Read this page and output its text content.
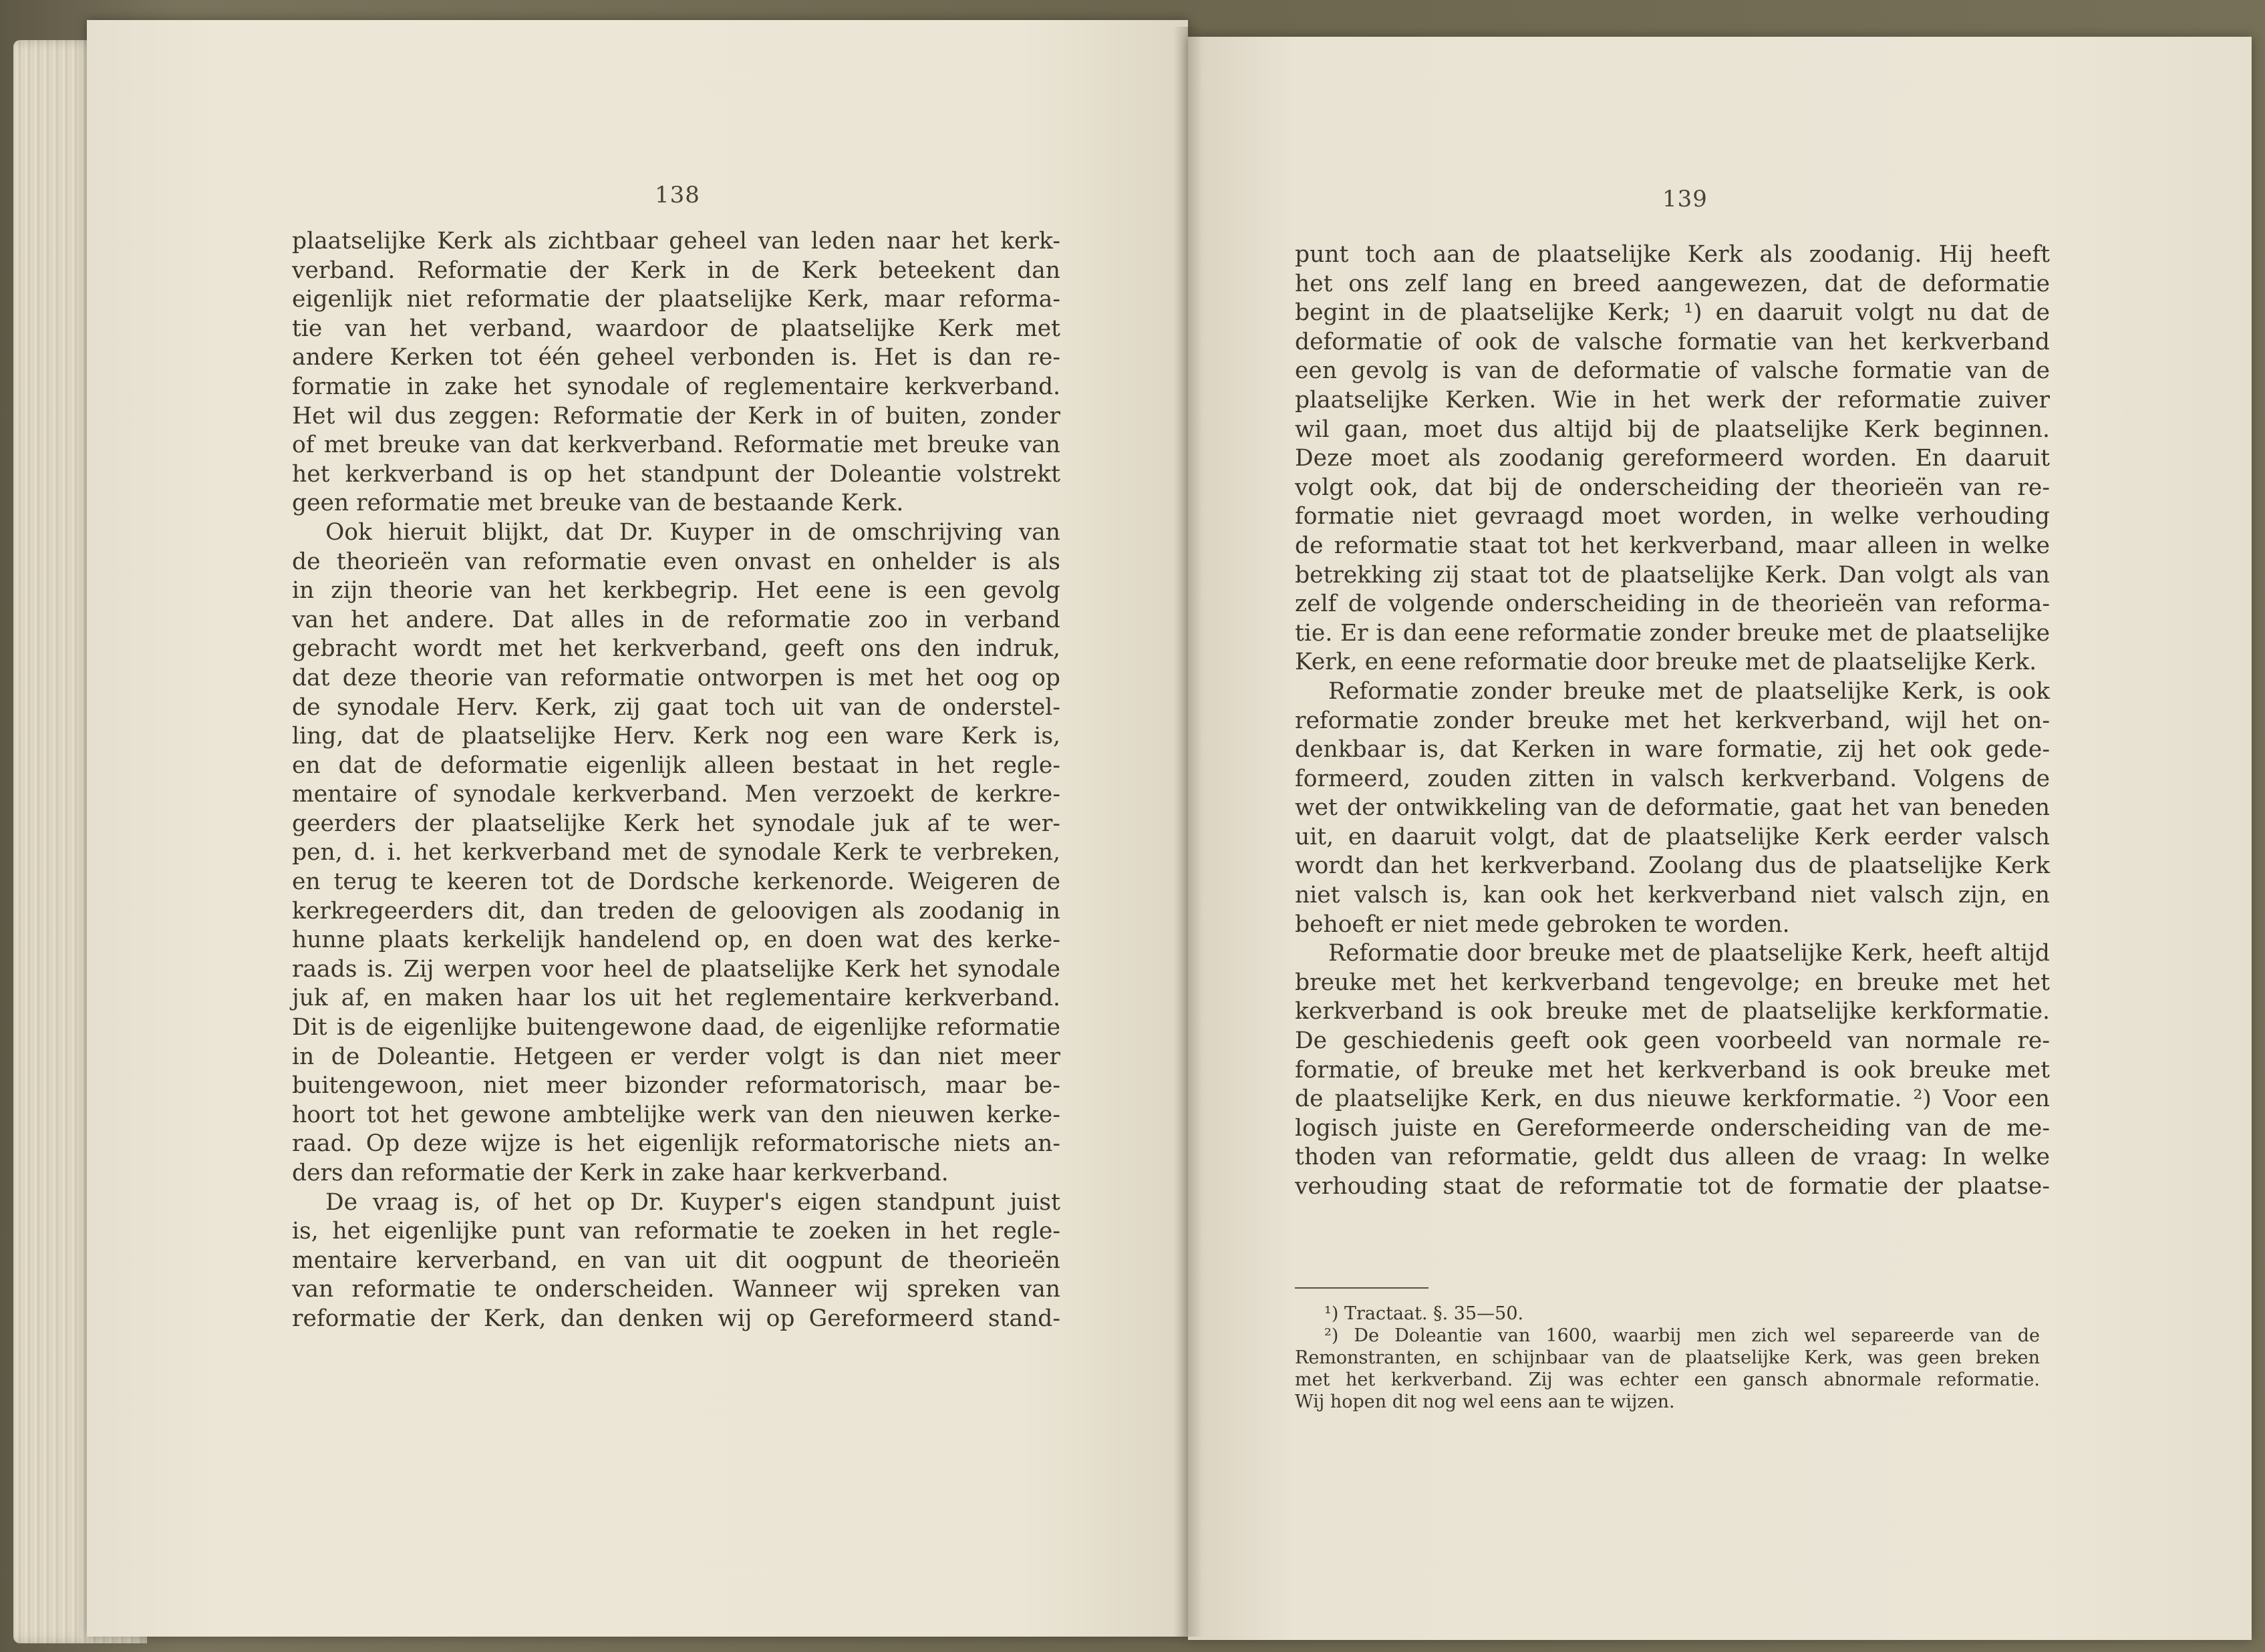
138
plaatselijke Kerk als zichtbaar geheel van leden naar het kerk-
verband. Reformatie der Kerk in de Kerk beteekent dan
eigenlijk niet reformatie der plaatselijke Kerk, maar reforma-
tie van het verband, waardoor de plaatselijke Kerk met
andere Kerken tot één geheel verbonden is. Het is dan re-
formatie in zake het synodale of reglementaire kerkverband.
Het wil dus zeggen: Reformatie der Kerk in of buiten, zonder
of met breuke van dat kerkverband. Reformatie met breuke van
het kerkverband is op het standpunt der Doleantie volstrekt
geen reformatie met breuke van de bestaande Kerk.
Ook hieruit blijkt, dat Dr. Kuyper in de omschrijving van
de theorieën van reformatie even onvast en onhelder is als
in zijn theorie van het kerkbegrip. Het eene is een gevolg
van het andere. Dat alles in de reformatie zoo in verband
gebracht wordt met het kerkverband, geeft ons den indruk,
dat deze theorie van reformatie ontworpen is met het oog op
de synodale Herv. Kerk, zij gaat toch uit van de onderstel-
ling, dat de plaatselijke Herv. Kerk nog een ware Kerk is,
en dat de deformatie eigenlijk alleen bestaat in het regle-
mentaire of synodale kerkverband. Men verzoekt de kerkre-
geerders der plaatselijke Kerk het synodale juk af te wer-
pen, d. i. het kerkverband met de synodale Kerk te verbreken,
en terug te keeren tot de Dordsche kerkenorde. Weigeren de
kerkregeerders dit, dan treden de geloovigen als zoodanig in
hunne plaats kerkelijk handelend op, en doen wat des kerke-
raads is. Zij werpen voor heel de plaatselijke Kerk het synodale
juk af, en maken haar los uit het reglementaire kerkverband.
Dit is de eigenlijke buitengewone daad, de eigenlijke reformatie
in de Doleantie. Hetgeen er verder volgt is dan niet meer
buitengewoon, niet meer bizonder reformatorisch, maar be-
hoort tot het gewone ambtelijke werk van den nieuwen kerke-
raad. Op deze wijze is het eigenlijk reformatorische niets an-
ders dan reformatie der Kerk in zake haar kerkverband.
De vraag is, of het op Dr. Kuyper's eigen standpunt juist
is, het eigenlijke punt van reformatie te zoeken in het regle-
mentaire kerverband, en van uit dit oogpunt de theorieën
van reformatie te onderscheiden. Wanneer wij spreken van
reformatie der Kerk, dan denken wij op Gereformeerd stand-
139
punt toch aan de plaatselijke Kerk als zoodanig. Hij heeft
het ons zelf lang en breed aangewezen, dat de deformatie
begint in de plaatselijke Kerk; ¹) en daaruit volgt nu dat de
deformatie of ook de valsche formatie van het kerkverband
een gevolg is van de deformatie of valsche formatie van de
plaatselijke Kerken. Wie in het werk der reformatie zuiver
wil gaan, moet dus altijd bij de plaatselijke Kerk beginnen.
Deze moet als zoodanig gereformeerd worden. En daaruit
volgt ook, dat bij de onderscheiding der theorieën van re-
formatie niet gevraagd moet worden, in welke verhouding
de reformatie staat tot het kerkverband, maar alleen in welke
betrekking zij staat tot de plaatselijke Kerk. Dan volgt als van
zelf de volgende onderscheiding in de theorieën van reforma-
tie. Er is dan eene reformatie zonder breuke met de plaatselijke
Kerk, en eene reformatie door breuke met de plaatselijke Kerk.
Reformatie zonder breuke met de plaatselijke Kerk, is ook
reformatie zonder breuke met het kerkverband, wijl het on-
denkbaar is, dat Kerken in ware formatie, zij het ook gede-
formeerd, zouden zitten in valsch kerkverband. Volgens de
wet der ontwikkeling van de deformatie, gaat het van beneden
uit, en daaruit volgt, dat de plaatselijke Kerk eerder valsch
wordt dan het kerkverband. Zoolang dus de plaatselijke Kerk
niet valsch is, kan ook het kerkverband niet valsch zijn, en
behoeft er niet mede gebroken te worden.
Reformatie door breuke met de plaatselijke Kerk, heeft altijd
breuke met het kerkverband tengevolge; en breuke met het
kerkverband is ook breuke met de plaatselijke kerkformatie.
De geschiedenis geeft ook geen voorbeeld van normale re-
formatie, of breuke met het kerkverband is ook breuke met
de plaatselijke Kerk, en dus nieuwe kerkformatie. ²) Voor een
logisch juiste en Gereformeerde onderscheiding van de me-
thoden van reformatie, geldt dus alleen de vraag: In welke
verhouding staat de reformatie tot de formatie der plaatse-
¹) Tractaat. §. 35—50.
²) De Doleantie van 1600, waarbij men zich wel separeerde van de
Remonstranten, en schijnbaar van de plaatselijke Kerk, was geen breken
met het kerkverband. Zij was echter een gansch abnormale reformatie.
Wij hopen dit nog wel eens aan te wijzen.
